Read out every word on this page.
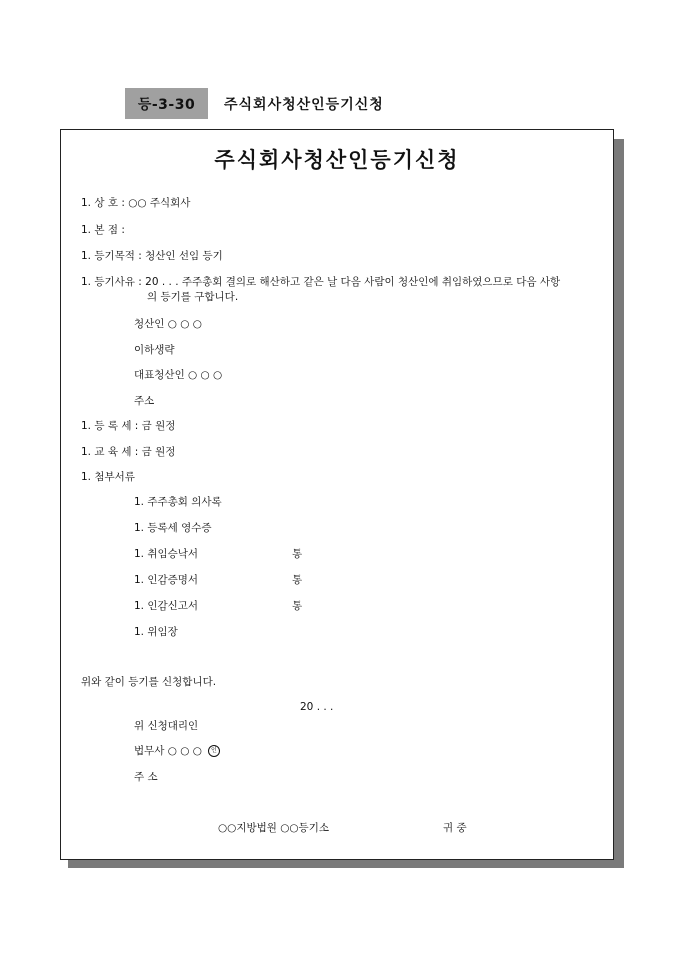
등-3-30	주식회사청산인등기신청
주식회사청산인등기신청
1. 상 호 : ○○ 주식회사
1. 본 점 :
1. 등기목적 : 청산인 선임 등기
1. 등기사유 : 20 . . . 주주총회 결의로 해산하고 같은 날 다음 사람이 청산인에 취임하였으므로 다음 사항
의 등기를 구합니다.
청산인 ○ ○ ○
이하생략
대표청산인 ○ ○ ○
주소
1. 등 록 세 : 금 원정
1. 교 육 세 : 금 원정
1. 첨부서류
1. 주주총회 의사록
1. 등록세 영수증
1. 취임승낙서	통
1. 인감증명서	통
1. 인감신고서	통
1. 위임장
위와 같이 등기를 신청합니다.
20 . . .
위 신청대리인
법무사 ○ ○ ○ 인
주 소
○○지방법원 ○○등기소	귀 중
